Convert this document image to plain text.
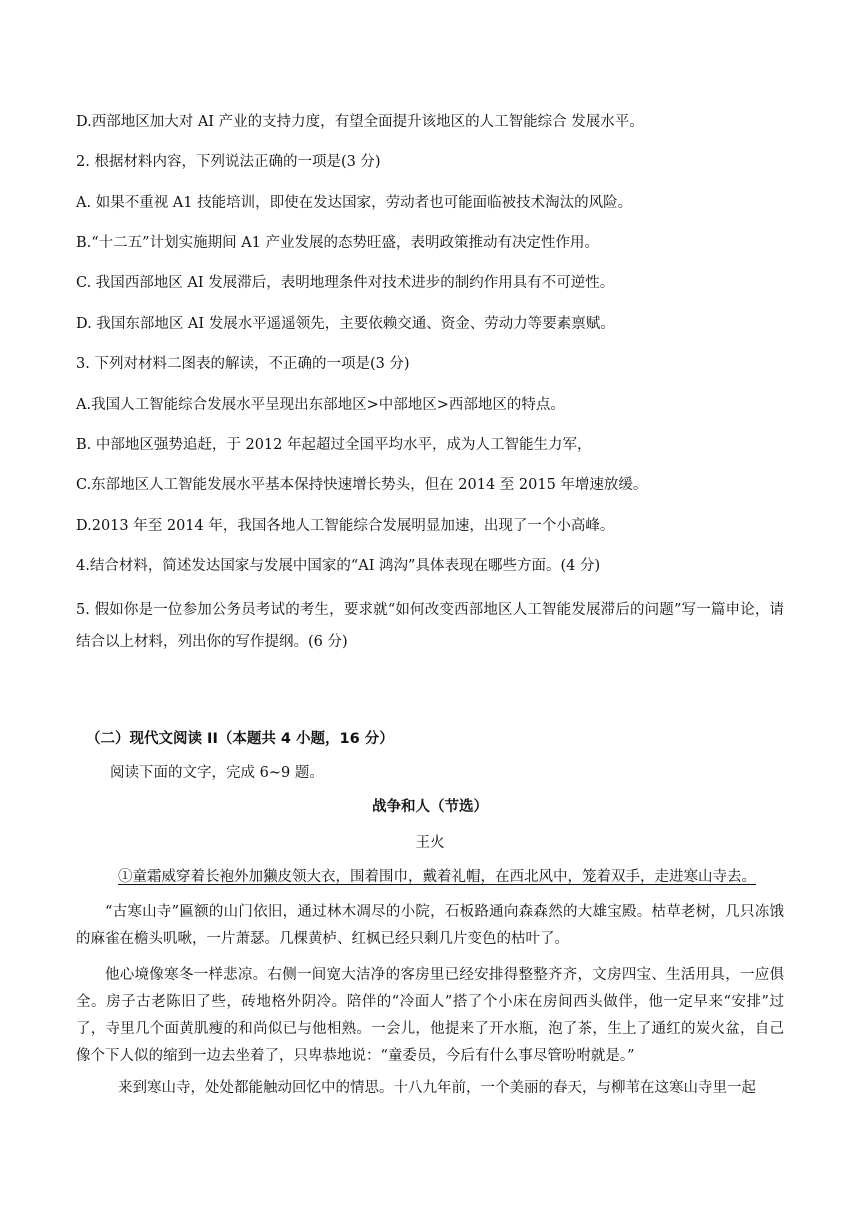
D.西部地区加大对 AI 产业的支持力度，有望全面提升该地区的人工智能综合 发展水平。
2. 根据材料内容，下列说法正确的一项是(3 分)
A. 如果不重视 A1 技能培训，即使在发达国家，劳动者也可能面临被技术淘汰的风险。
B.“十二五”计划实施期间 A1 产业发展的态势旺盛，表明政策推动有决定性作用。
C. 我国西部地区 AI 发展滞后，表明地理条件对技术进步的制约作用具有不可逆性。
D. 我国东部地区 AI 发展水平遥遥领先，主要依赖交通、资金、劳动力等要素禀赋。
3. 下列对材料二图表的解读，不正确的一项是(3 分)
A.我国人工智能综合发展水平呈现出东部地区>中部地区>西部地区的特点。
B. 中部地区强势追赶，于 2012 年起超过全国平均水平，成为人工智能生力军，
C.东部地区人工智能发展水平基本保持快速增长势头，但在 2014 至 2015 年增速放缓。
D.2013 年至 2014 年，我国各地人工智能综合发展明显加速，出现了一个小高峰。
4.结合材料，简述发达国家与发展中国家的“AI 鸿沟”具体表现在哪些方面。(4 分)
5. 假如你是一位参加公务员考试的考生，要求就“如何改变西部地区人工智能发展滞后的问题”写一篇申论，请结合以上材料，列出你的写作提纲。(6 分)
（二）现代文阅读 II（本题共 4 小题，16 分）
阅读下面的文字，完成 6~9 题。
战争和人（节选）
王火
①童霜威穿着长袍外加獭皮领大衣，围着围巾，戴着礼帽，在西北风中，笼着双手，走进寒山寺去。
“古寒山寺”匾额的山门依旧，通过林木凋尽的小院，石板路通向森森然的大雄宝殿。枯草老树，几只冻饿的麻雀在檐头叽啾，一片萧瑟。几棵黄栌、红枫已经只剩几片变色的枯叶了。
他心境像寒冬一样悲凉。右侧一间宽大洁净的客房里已经安排得整整齐齐，文房四宝、生活用具，一应俱全。房子古老陈旧了些，砖地格外阴冷。陪伴的“冷面人”搭了个小床在房间西头做伴，他一定早来“安排”过了，寺里几个面黄肌瘦的和尚似已与他相熟。一会儿，他提来了开水瓶，泡了茶，生上了通红的炭火盆，自己像个下人似的缩到一边去坐着了，只卑恭地说：“童委员，今后有什么事尽管吩咐就是。”
来到寒山寺，处处都能触动回忆中的情思。十八九年前，一个美丽的春天，与柳苇在这寒山寺里一起
